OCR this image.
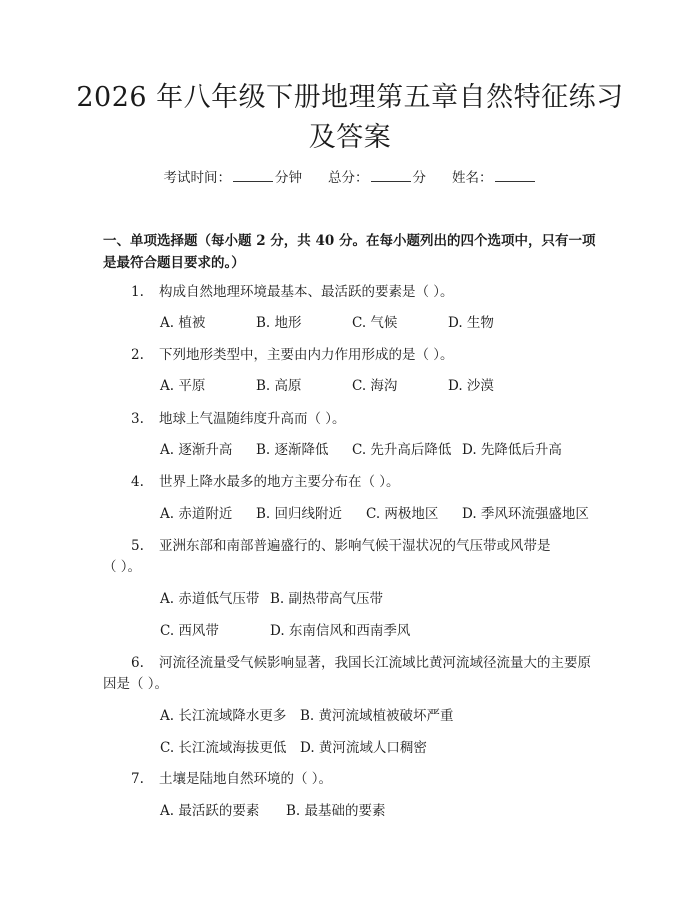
2026 年八年级下册地理第五章自然特征练习
及答案
考试时间：	分钟 总分：	分 姓名：
一、单项选择题（每小题 2 分，共 40 分。在每小题列出的四个选项中，只有一项
是最符合题目要求的。）
1. 构成自然地理环境最基本、最活跃的要素是（ ）。
A. 植被	B. 地形	C. 气候	D. 生物
2. 下列地形类型中，主要由内力作用形成的是（ ）。
A. 平原	B. 高原	C. 海沟	D. 沙漠
3. 地球上气温随纬度升高而（ ）。
A. 逐渐升高 B. 逐渐降低 C. 先升高后降低 D. 先降低后升高
4. 世界上降水最多的地方主要分布在（ ）。
A. 赤道附近 B. 回归线附近 C. 两极地区 D. 季风环流强盛地区
5. 亚洲东部和南部普遍盛行的、影响气候干湿状况的气压带或风带是
（ ）。
A. 赤道低气压带 B. 副热带高气压带
C. 西风带	D. 东南信风和西南季风
6. 河流径流量受气候影响显著，我国长江流域比黄河流域径流量大的主要原
因是（ ）。
A. 长江流域降水更多 B. 黄河流域植被破坏严重
C. 长江流域海拔更低 D. 黄河流域人口稠密
7. 土壤是陆地自然环境的（ ）。
A. 最活跃的要素 B. 最基础的要素
